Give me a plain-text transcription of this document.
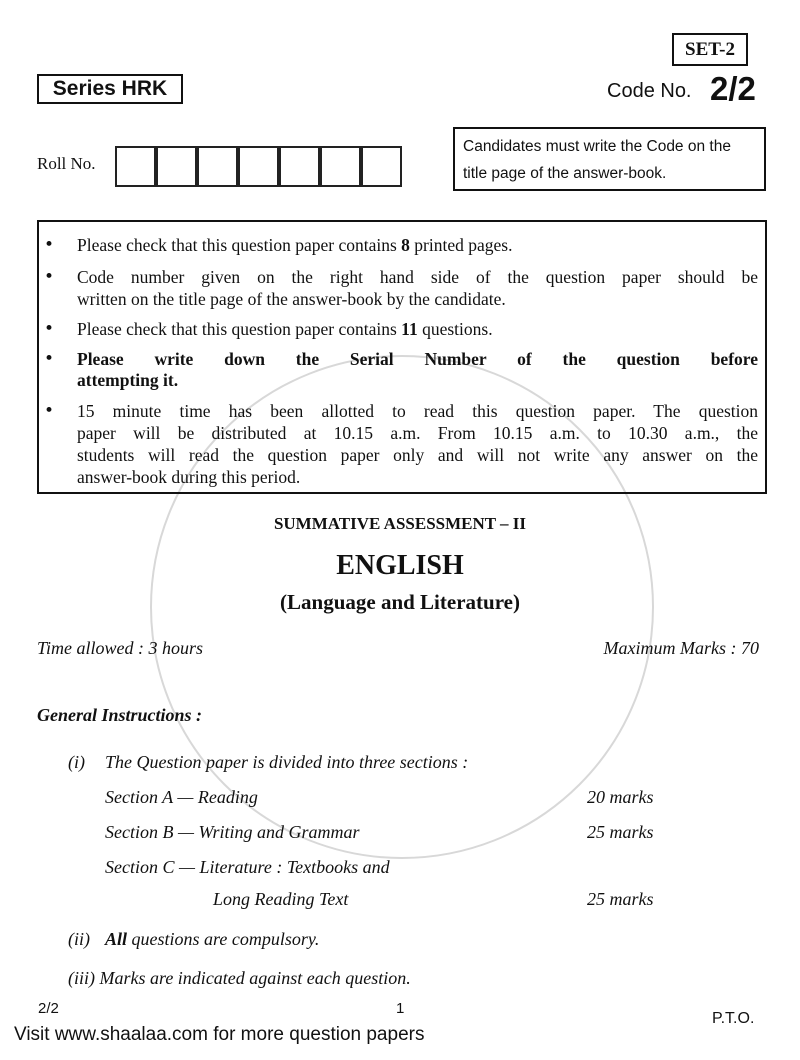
SET-2
Series HRK	Code No. 2/2
Roll No.
Candidates must write the Code on the
title page of the answer-book.
• Please check that this question paper contains 8 printed pages.
• Code number given on the right hand side of the question paper should be
written on the title page of the answer-book by the candidate.
• Please check that this question paper contains 11 questions.
• Please write down the Serial Number of the question before
attempting it.
• 15 minute time has been allotted to read this question paper. The question
paper will be distributed at 10.15 a.m. From 10.15 a.m. to 10.30 a.m., the
students will read the question paper only and will not write any answer on the
answer-book during this period.
SUMMATIVE ASSESSMENT – II
ENGLISH
(Language and Literature)
Time allowed : 3 hours	Maximum Marks : 70
General Instructions :
(i) The Question paper is divided into three sections :
Section A — Reading	20 marks
Section B — Writing and Grammar	25 marks
Section C — Literature : Textbooks and
Long Reading Text	25 marks
(ii) All questions are compulsory.
(iii) Marks are indicated against each question.
2/2	1
P.T.O.
Visit www.shaalaa.com for more question papers
